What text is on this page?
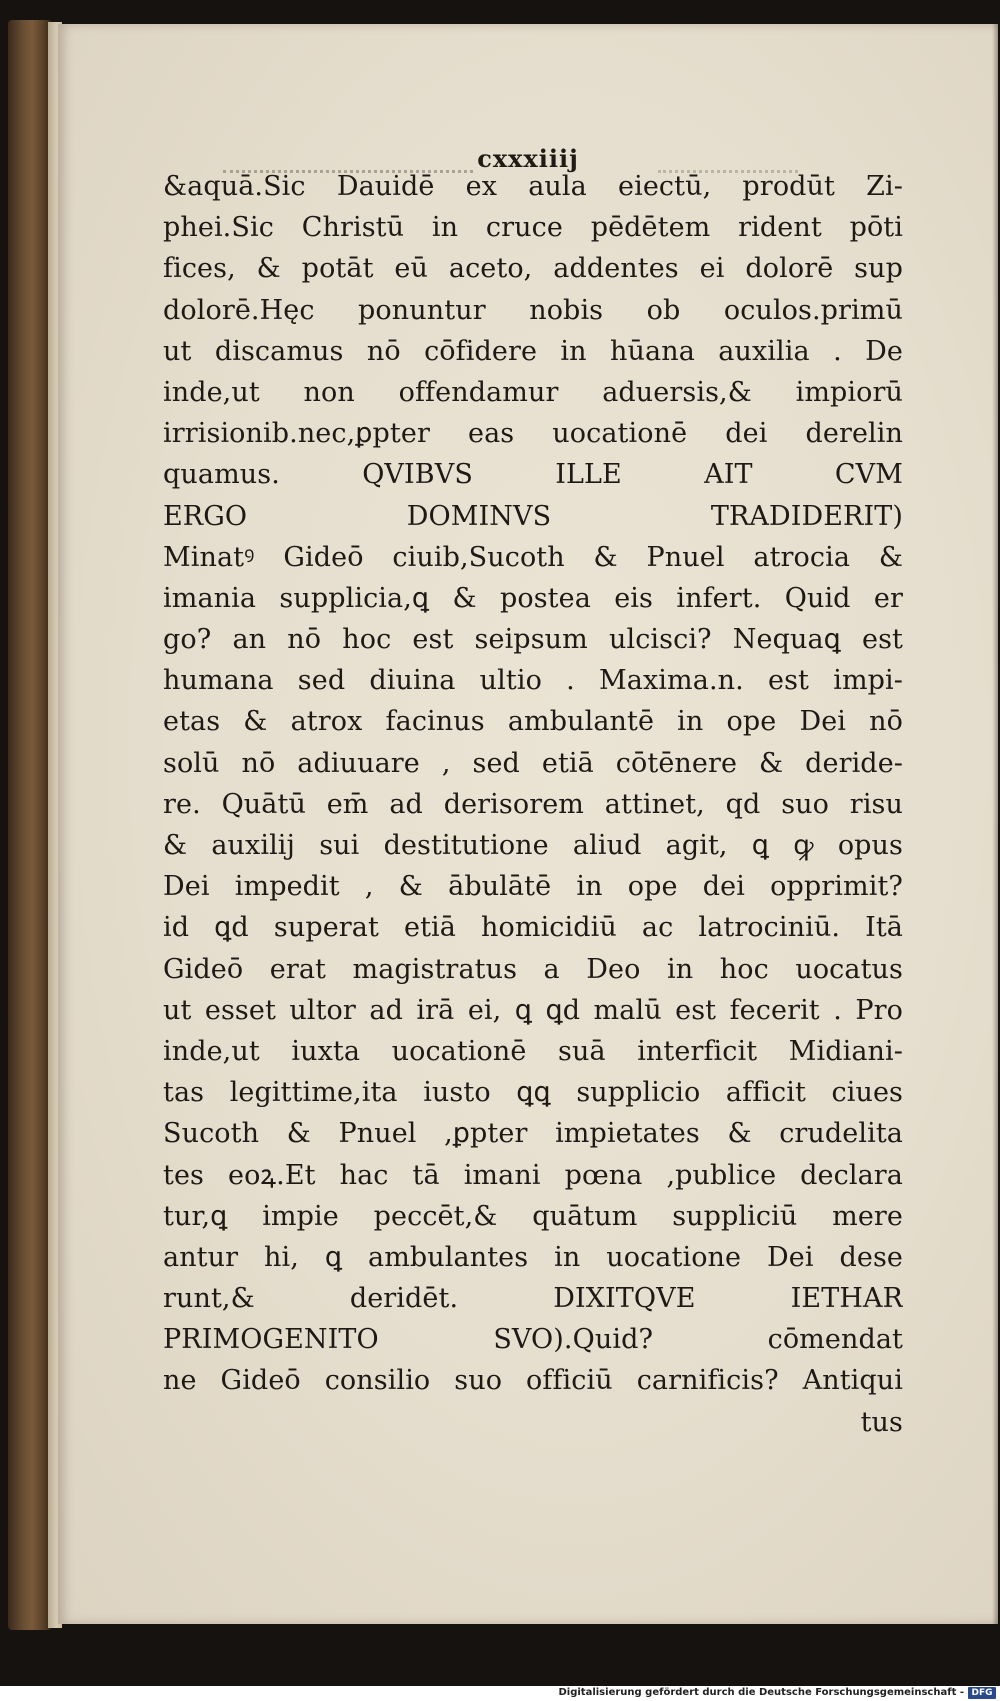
cxxxiiij
&aquā.Sic Dauidē ex aula eiectū, prodūt Zi-
phei.Sic Christū in cruce pēdētem rident pōti
fices, & potāt eū aceto, addentes ei dolorē sup
dolorē.Hęc ponuntur nobis ob oculos.primū
ut discamus nō cōfidere in hūana auxilia . De
inde,ut non offendamur aduersis,& impiorū
irrisionib.nec,ꝑpter eas uocationē dei derelin
quamus. QVIBVS ILLE AIT CVM
ERGO DOMINVS TRADIDERIT)
Minatꝰ Gideō ciuib,Sucoth & Pnuel atrocia &
imania supplicia,ꝗ & postea eis infert. Quid er
go? an nō hoc est seipsum ulcisci? Nequaꝗ est
humana sed diuina ultio . Maxima.n. est impi-
etas & atrox facinus ambulantē in ope Dei nō
solū nō adiuuare , sed etiā cōtēnere & deride-
re. Quātū em̄ ad derisorem attinet, qd suo risu
& auxilij sui destitutione aliud agit, ꝗ ꝙ opus
Dei impedit , & ābulātē in ope dei opprimit?
id ꝗd superat etiā homicidiū ac latrociniū. Itā
Gideō erat magistratus a Deo in hoc uocatus
ut esset ultor ad irā ei, ꝗ ꝗd malū est fecerit . Pro
inde,ut iuxta uocationē suā interficit Midiani-
tas legittime,ita iusto ꝗꝗ supplicio afficit ciues
Sucoth & Pnuel ,ꝑpter impietates & crudelita
tes eoꝝ.Et hac tā imani pœna ,publice declara
tur,ꝗ impie peccēt,& quātum suppliciū mere
antur hi, ꝗ ambulantes in uocatione Dei dese
runt,& deridēt. DIXITQVE IETHAR
PRIMOGENITO SVO).Quid? cōmendat
ne Gideō consilio suo officiū carnificis? Antiqui
tus
Digitalisierung gefördert durch die Deutsche Forschungsgemeinschaft - DFG
